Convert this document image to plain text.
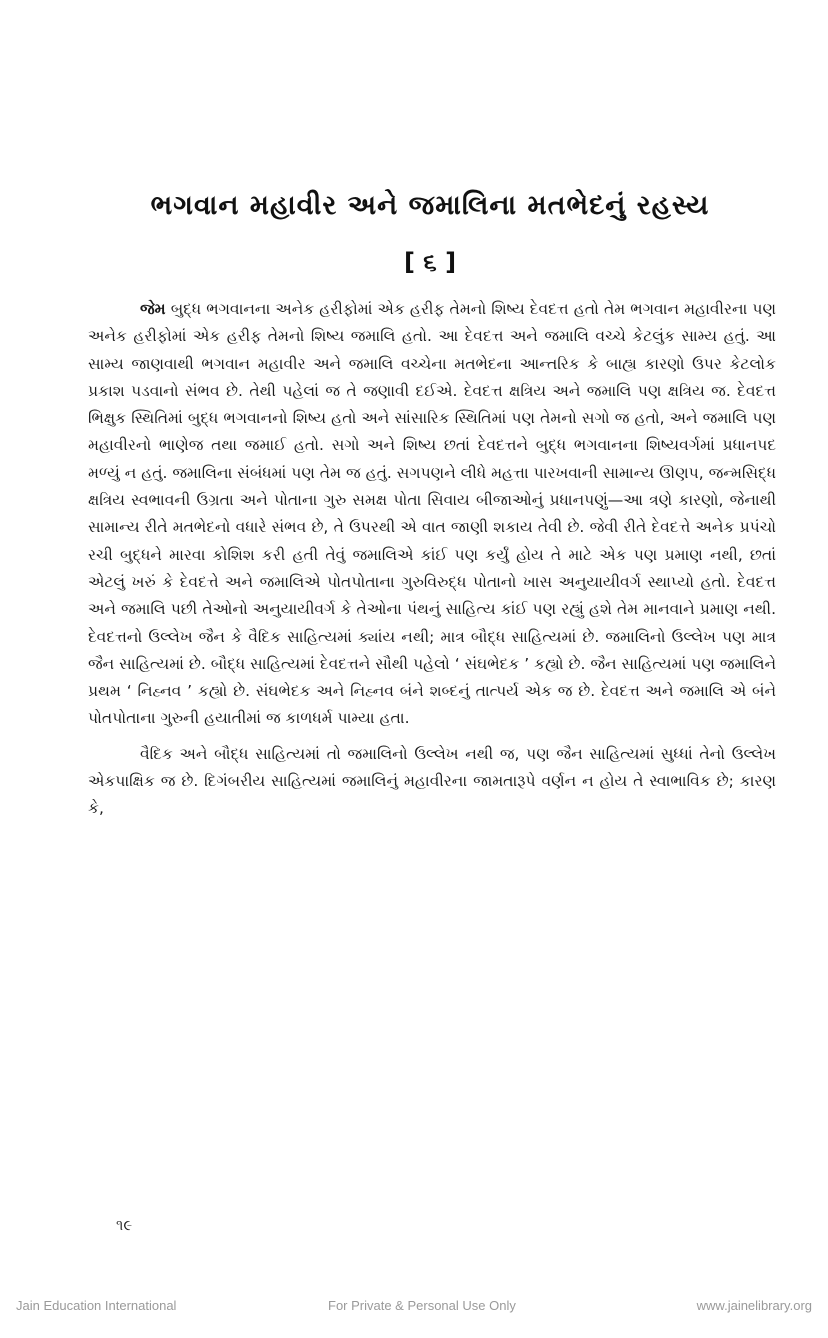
ભગવાન મહાવીર અને જમાલિના મતભેદનું રહસ્ય
[ ૬ ]

જેમ બુદ્ધ ભગવાનના અનેક હરીફોમાં એક હરીફ તેમનો શિષ્ય દેવદત્ત હતો તેમ ભગવાન મહાવીરના પણ અનેક હરીફોમાં એક હરીફ તેમનો શિષ્ય જમાલિ હતો. આ દેવદત્ત અને જમાલિ વચ્ચે કેટલુંક સામ્ય હતું. આ સામ્ય જાણવાથી ભગવાન મહાવીર અને જમાલિ વચ્ચેના મતભેદના આન્તરિક કે બાહ્ય કારણો ઉપર કેટલોક પ્રકાશ પડવાનો સંભવ છે. તેથી પહેલાં જ તે જણાવી દઈએ. દેવદત્ત ક્ષત્રિય અને જમાલિ પણ ક્ષત્રિય જ. દેવદત્ત ભિક્ષુક સ્થિતિમાં બુદ્ધ ભગવાનનો શિષ્ય હતો અને સાંસારિક સ્થિતિમાં પણ તેમનો સગો જ હતો, અને જમાલિ પણ મહાવીરનો ભાણેજ તથા જમાઈ હતો. સગો અને શિષ્ય છતાં દેવદત્તને બુદ્ધ ભગવાનના શિષ્યવર્ગમાં પ્રધાનપદ મળ્યું ન હતું. જમાલિના સંબંધમાં પણ તેમ જ હતું. સગપણને લીધે મહત્તા પારખવાની સામાન્ય ઊણપ, જન્મસિદ્ધ ક્ષત્રિય સ્વભાવની ઉગ્રતા અને પોતાના ગુરુ સમક્ષ પોતા સિવાય બીજાઓનું પ્રધાનપણું—આ ત્રણે કારણો, જેનાથી સામાન્ય રીતે મતભેદનો વધારે સંભવ છે, તે ઉપરથી એ વાત જાણી શકાય તેવી છે. જેવી રીતે દેવદત્તે અનેક પ્રપંચો રચી બુદ્ધને મારવા કોશિશ કરી હતી તેવું જમાલિએ કાંઈ પણ કર્યું હોય તે માટે એક પણ પ્રમાણ નથી, છતાં એટલું ખરું કે દેવદત્તે અને જમાલિએ પોતપોતાના ગુરુવિરુદ્ધ પોતાનો ખાસ અનુયાયીવર્ગ સ્થાપ્યો હતો. દેવદત્ત અને જમાલિ પછી તેઓનો અનુયાયીવર્ગ કે તેઓના પંથનું સાહિત્ય કાંઈ પણ રહ્યું હશે તેમ માનવાને પ્રમાણ નથી. દેવદત્તનો ઉલ્લેખ જૈન કે વૈદિક સાહિત્યમાં ક્યાંય નથી; માત્ર બૌદ્ધ સાહિત્યમાં છે. જમાલિનો ઉલ્લેખ પણ માત્ર જૈન સાહિત્યમાં છે. બૌદ્ધ સાહિત્યમાં દેવદત્તને સૌથી પહેલો ‘ સંઘભેદક ’ કહ્યો છે. જૈન સાહિત્યમાં પણ જમાલિને પ્રથમ ‘ નિહ્નવ ’ કહ્યો છે. સંઘભેદક અને નિહ્નવ બંને શબ્દનું તાત્પર્ય એક જ છે. દેવદત્ત અને જમાલિ એ બંને પોતપોતાના ગુરુની હયાતીમાં જ કાળધર્મ પામ્યા હતા.

વૈદિક અને બૌદ્ધ સાહિત્યમાં તો જમાલિનો ઉલ્લેખ નથી જ, પણ જૈન સાહિત્યમાં સુધ્ધાં તેનો ઉલ્લેખ એકપાક્ષિક જ છે. દિગંબરીય સાહિત્યમાં જમાલિનું મહાવીરના જામતારૂપે વર્ણન ન હોય તે સ્વાભાવિક છે; કારણ કે,

૧૯
Jain Education International	For Private & Personal Use Only	www.jainelibrary.org
